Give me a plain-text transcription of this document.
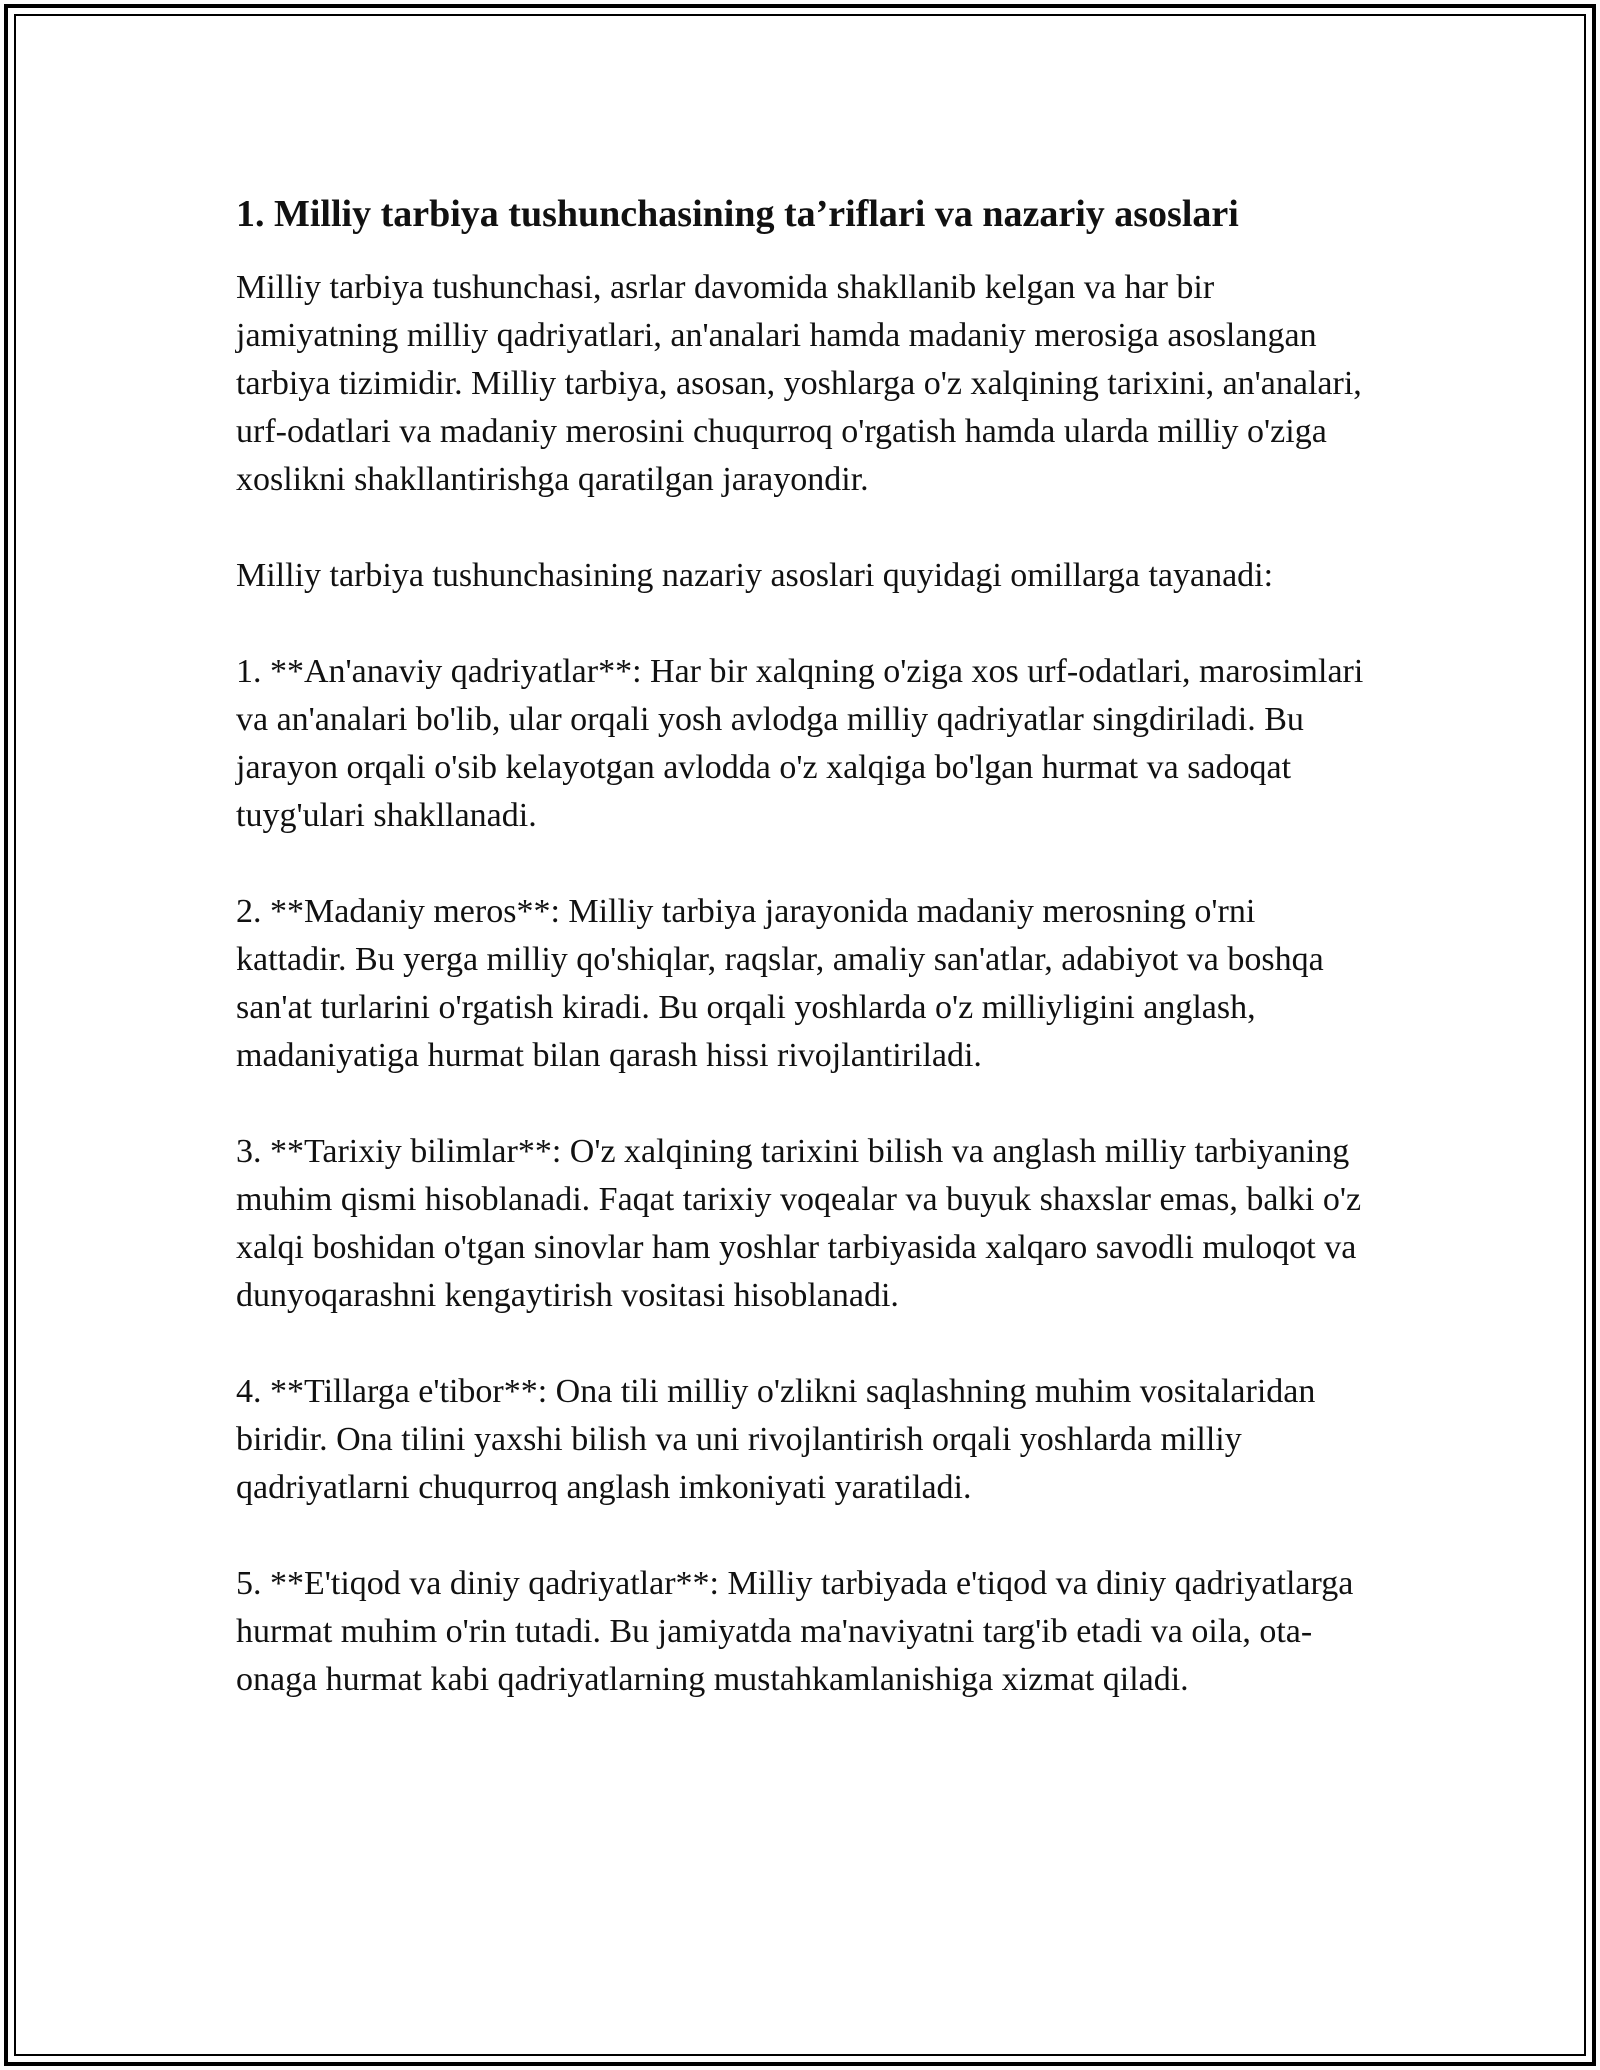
1. Milliy tarbiya tushunchasining ta’riflari va nazariy asoslari

Milliy tarbiya tushunchasi, asrlar davomida shakllanib kelgan va har bir jamiyatning milliy qadriyatlari, an'analari hamda madaniy merosiga asoslangan tarbiya tizimidir. Milliy tarbiya, asosan, yoshlarga o'z xalqining tarixini, an'analari, urf-odatlari va madaniy merosini chuqurroq o'rgatish hamda ularda milliy o'ziga xoslikni shakllantirishga qaratilgan jarayondir.

Milliy tarbiya tushunchasining nazariy asoslari quyidagi omillarga tayanadi:

1. **An'anaviy qadriyatlar**: Har bir xalqning o'ziga xos urf-odatlari, marosimlari va an'analari bo'lib, ular orqali yosh avlodga milliy qadriyatlar singdiriladi. Bu jarayon orqali o'sib kelayotgan avlodda o'z xalqiga bo'lgan hurmat va sadoqat tuyg'ulari shakllanadi.

2. **Madaniy meros**: Milliy tarbiya jarayonida madaniy merosning o'rni kattadir. Bu yerga milliy qo'shiqlar, raqslar, amaliy san'atlar, adabiyot va boshqa san'at turlarini o'rgatish kiradi. Bu orqali yoshlarda o'z milliyligini anglash, madaniyatiga hurmat bilan qarash hissi rivojlantiriladi.

3. **Tarixiy bilimlar**: O'z xalqining tarixini bilish va anglash milliy tarbiyaning muhim qismi hisoblanadi. Faqat tarixiy voqealar va buyuk shaxslar emas, balki o'z xalqi boshidan o'tgan sinovlar ham yoshlar tarbiyasida xalqaro savodli muloqot va dunyoqarashni kengaytirish vositasi hisoblanadi.

4. **Tillarga e'tibor**: Ona tili milliy o'zlikni saqlashning muhim vositalaridan biridir. Ona tilini yaxshi bilish va uni rivojlantirish orqali yoshlarda milliy qadriyatlarni chuqurroq anglash imkoniyati yaratiladi.

5. **E'tiqod va diniy qadriyatlar**: Milliy tarbiyada e'tiqod va diniy qadriyatlarga hurmat muhim o'rin tutadi. Bu jamiyatda ma'naviyatni targ'ib etadi va oila, ota-onaga hurmat kabi qadriyatlarning mustahkamlanishiga xizmat qiladi.
